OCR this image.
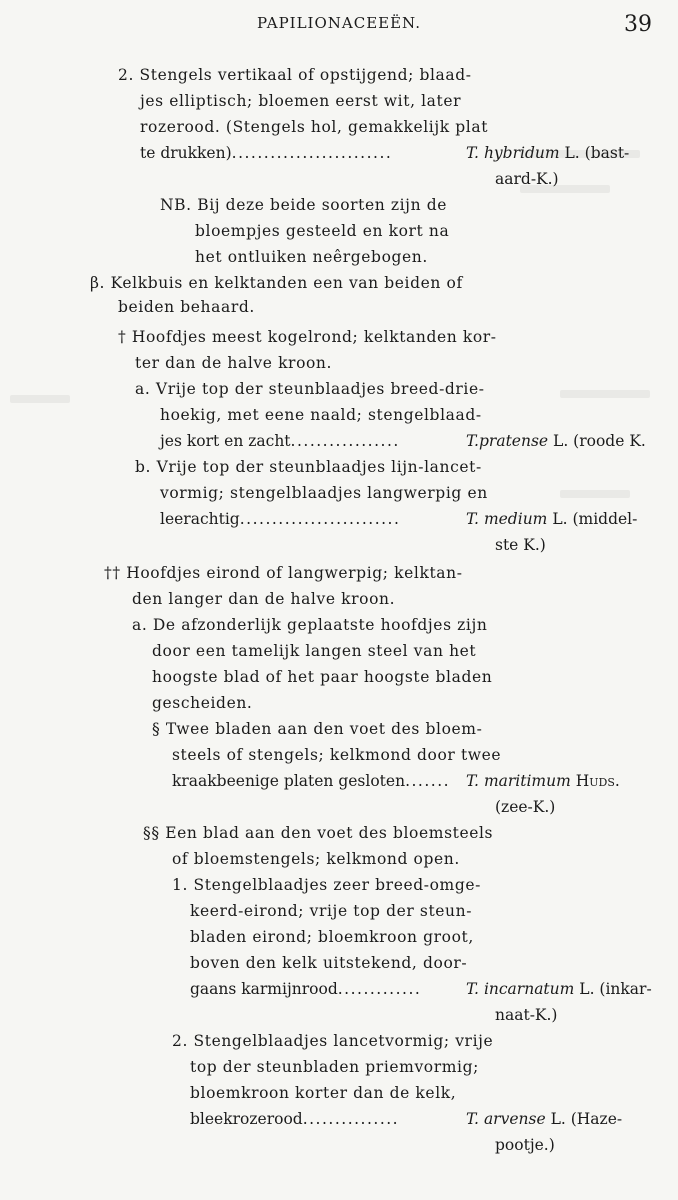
PAPILIONACEEËN.	39
2. Stengels vertikaal of opstijgend; blaad-
jes elliptisch; bloemen eerst wit, later
rozerood. (Stengels hol, gemakkelijk plat
te drukken).........................	T. hybridum L. (bast-
aard-K.)
NB. Bij deze beide soorten zijn de
bloempjes gesteeld en kort na
het ontluiken neêrgebogen.
β. Kelkbuis en kelktanden een van beiden of
beiden behaard.
† Hoofdjes meest kogelrond; kelktanden kor-
ter dan de halve kroon.
a. Vrije top der steunblaadjes breed-drie-
hoekig, met eene naald; stengelblaad-
jes kort en zacht.................	T.pratense L. (roode K.
b. Vrije top der steunblaadjes lijn-lancet-
vormig; stengelblaadjes langwerpig en
leerachtig.........................	T. medium L. (middel-
ste K.)
†† Hoofdjes eirond of langwerpig; kelktan-
den langer dan de halve kroon.
a. De afzonderlijk geplaatste hoofdjes zijn
door een tamelijk langen steel van het
hoogste blad of het paar hoogste bladen
gescheiden.
§ Twee bladen aan den voet des bloem-
steels of stengels; kelkmond door twee
kraakbeenige platen gesloten....... T. maritimum Huds.
(zee-K.)
§§ Een blad aan den voet des bloemsteels
of bloemstengels; kelkmond open.
1. Stengelblaadjes zeer breed-omge-
keerd-eirond; vrije top der steun-
bladen eirond; bloemkroon groot,
boven den kelk uitstekend, door-
gaans karmijnrood.............	T. incarnatum L. (inkar-
naat-K.)
2. Stengelblaadjes lancetvormig; vrije
top der steunbladen priemvormig;
bloemkroon korter dan de kelk,
bleekrozerood...............	T. arvense L. (Haze-
pootje.)
